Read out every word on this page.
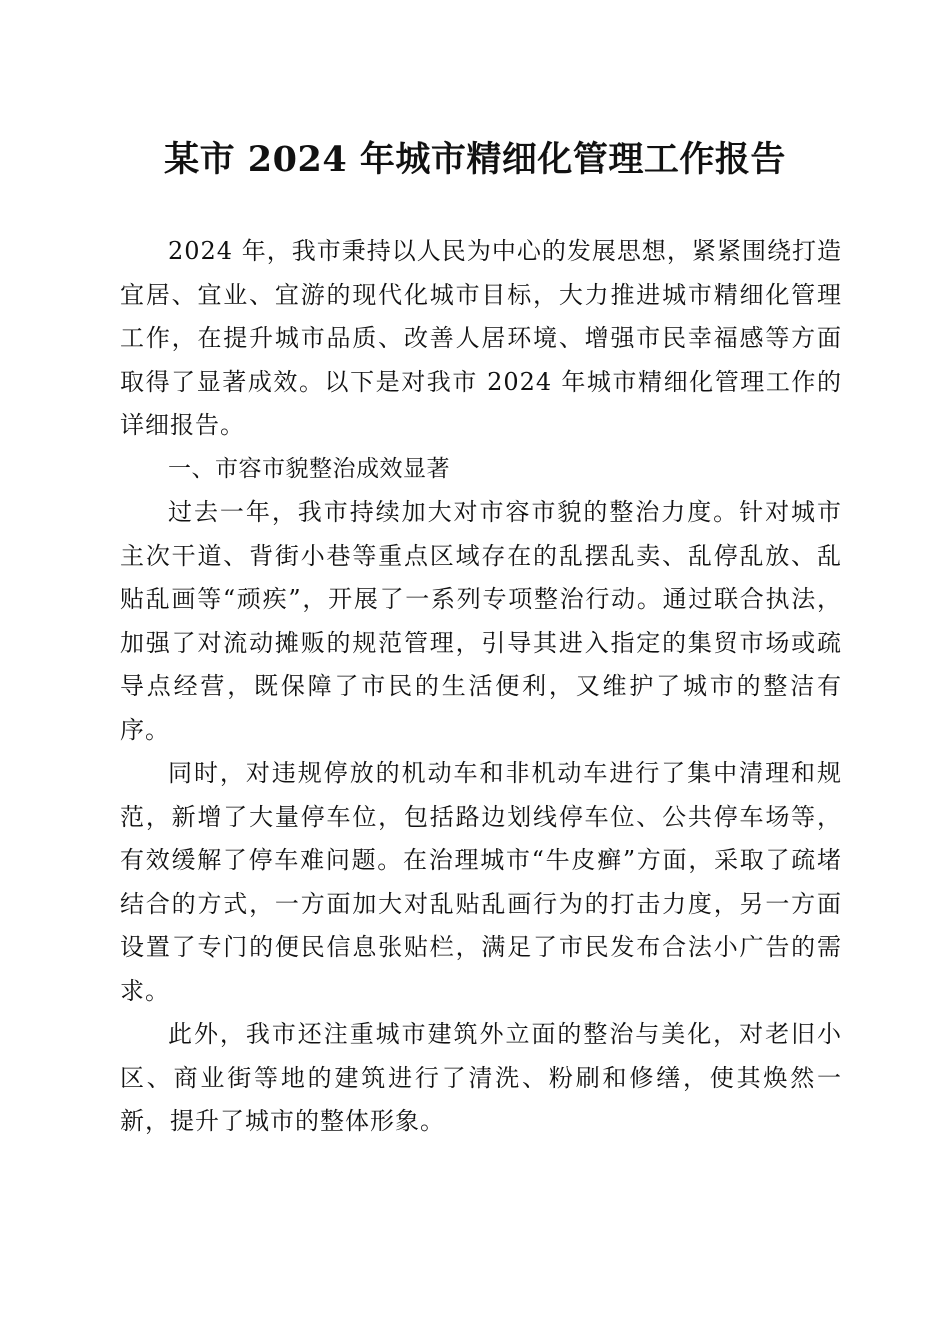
某市 2024 年城市精细化管理工作报告

2024 年，我市秉持以人民为中心的发展思想，紧紧围绕打造宜居、宜业、宜游的现代化城市目标，大力推进城市精细化管理工作，在提升城市品质、改善人居环境、增强市民幸福感等方面取得了显著成效。以下是对我市 2024 年城市精细化管理工作的详细报告。

一、市容市貌整治成效显著

过去一年，我市持续加大对市容市貌的整治力度。针对城市主次干道、背街小巷等重点区域存在的乱摆乱卖、乱停乱放、乱贴乱画等“顽疾”，开展了一系列专项整治行动。通过联合执法，加强了对流动摊贩的规范管理，引导其进入指定的集贸市场或疏导点经营，既保障了市民的生活便利，又维护了城市的整洁有序。

同时，对违规停放的机动车和非机动车进行了集中清理和规范，新增了大量停车位，包括路边划线停车位、公共停车场等，有效缓解了停车难问题。在治理城市“牛皮癣”方面，采取了疏堵结合的方式，一方面加大对乱贴乱画行为的打击力度，另一方面设置了专门的便民信息张贴栏，满足了市民发布合法小广告的需求。

此外，我市还注重城市建筑外立面的整治与美化，对老旧小区、商业街等地的建筑进行了清洗、粉刷和修缮，使其焕然一新，提升了城市的整体形象。
